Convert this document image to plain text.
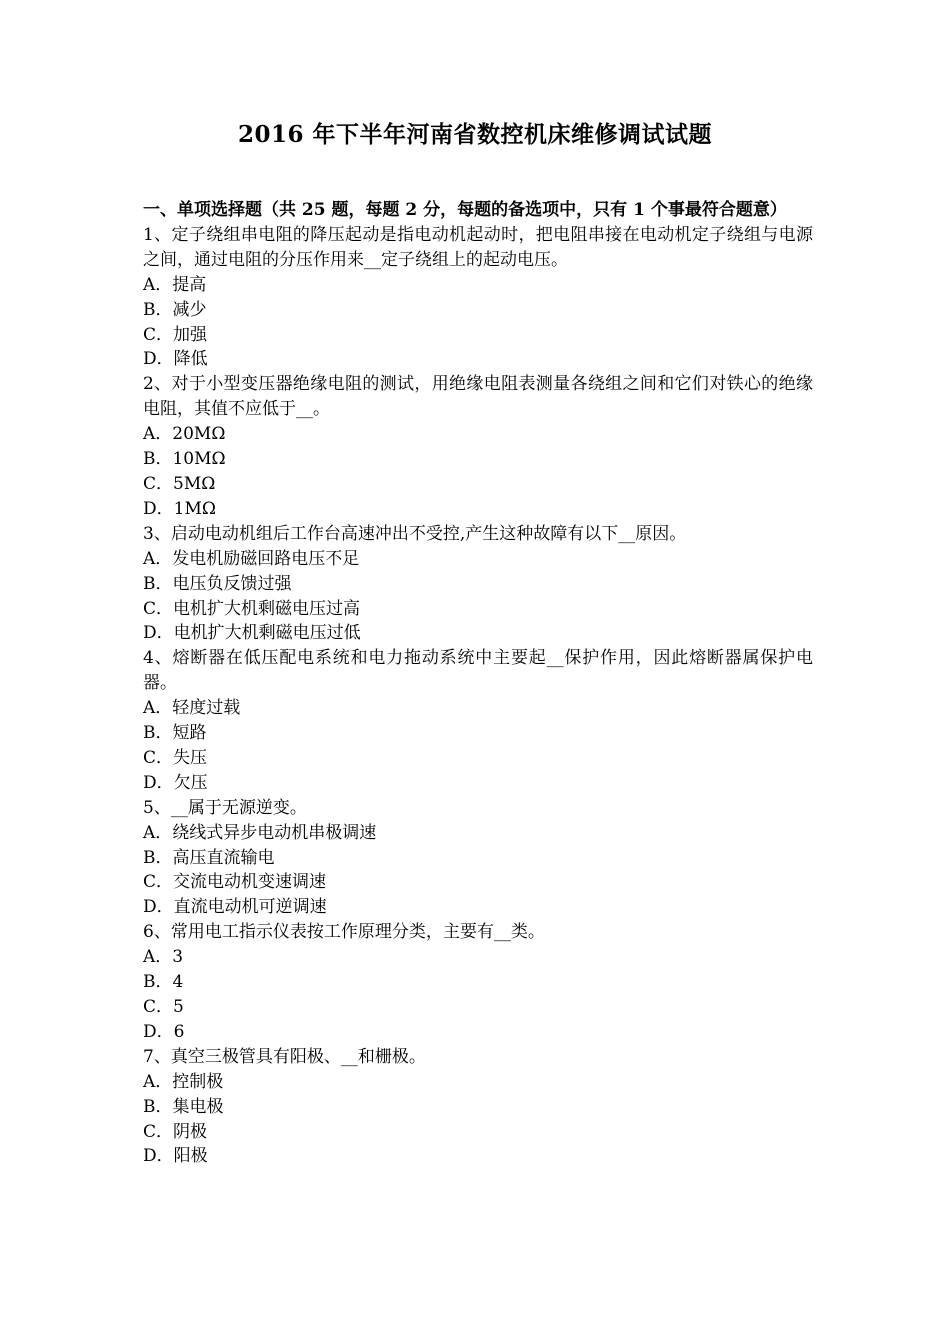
2016 年下半年河南省数控机床维修调试试题

一、单项选择题（共 25 题，每题 2 分，每题的备选项中，只有 1 个事最符合题意）

1、定子绕组串电阻的降压起动是指电动机起动时，把电阻串接在电动机定子绕组与电源之间，通过电阻的分压作用来__定子绕组上的起动电压。

A．提高

B．减少

C．加强

D．降低

2、对于小型变压器绝缘电阻的测试，用绝缘电阻表测量各绕组之间和它们对铁心的绝缘电阻，其值不应低于__。

A．20MΩ

B．10MΩ

C．5MΩ

D．1MΩ

3、启动电动机组后工作台高速冲出不受控,产生这种故障有以下__原因。

A．发电机励磁回路电压不足

B．电压负反馈过强

C．电机扩大机剩磁电压过高

D．电机扩大机剩磁电压过低

4、熔断器在低压配电系统和电力拖动系统中主要起__保护作用，因此熔断器属保护电器。

A．轻度过载

B．短路

C．失压

D．欠压

5、__属于无源逆变。

A．绕线式异步电动机串极调速

B．高压直流输电

C．交流电动机变速调速

D．直流电动机可逆调速

6、常用电工指示仪表按工作原理分类，主要有__类。

A．3

B．4

C．5

D．6

7、真空三极管具有阳极、__和栅极。

A．控制极

B．集电极

C．阴极

D．阳极
